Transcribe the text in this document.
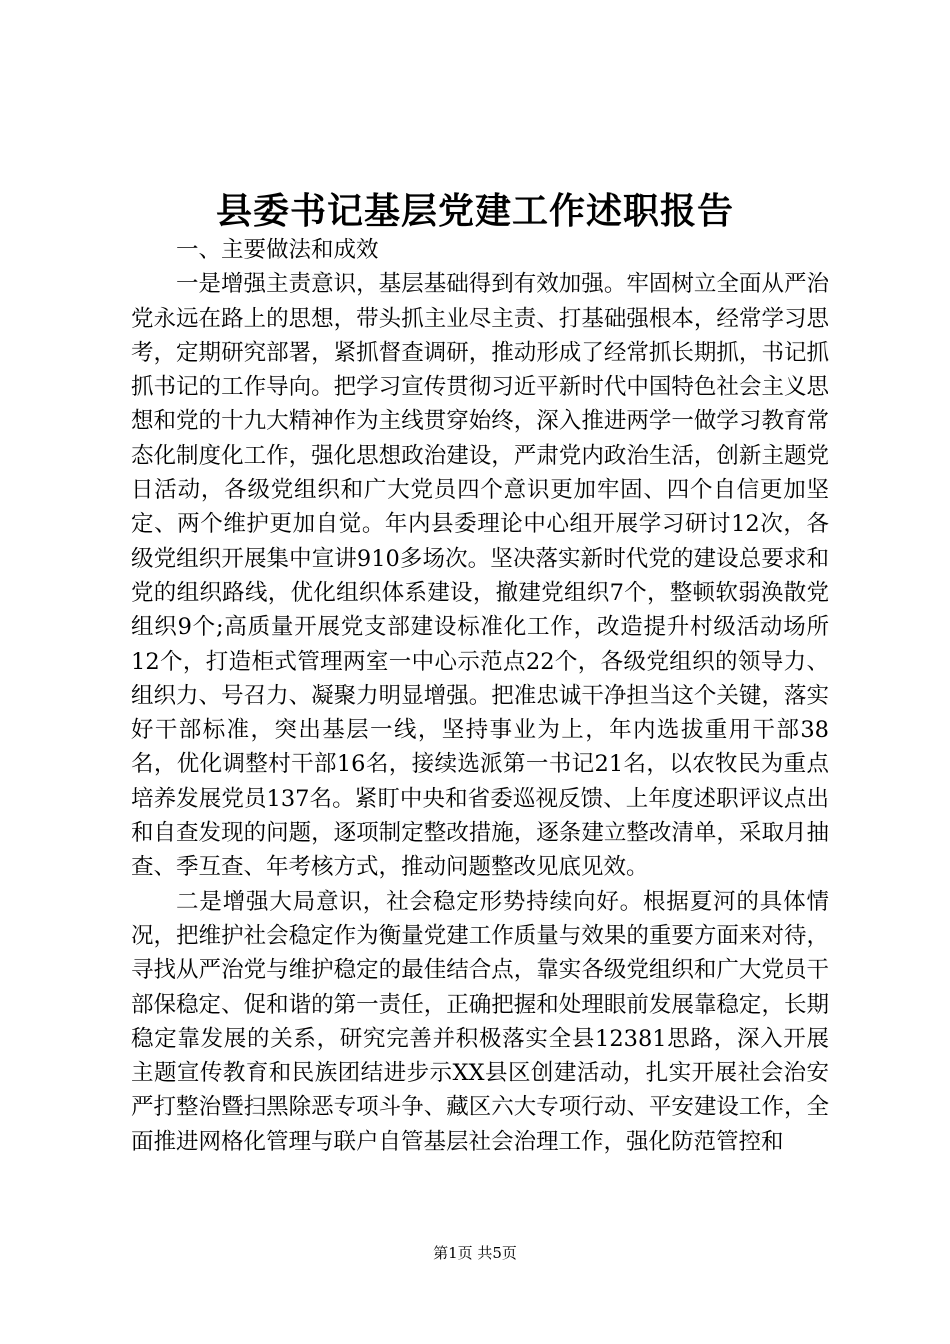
县委书记基层党建工作述职报告

一、主要做法和成效

一是增强主责意识，基层基础得到有效加强。牢固树立全面从严治党永远在路上的思想，带头抓主业尽主责、打基础强根本，经常学习思考，定期研究部署，紧抓督查调研，推动形成了经常抓长期抓，书记抓抓书记的工作导向。把学习宣传贯彻习近平新时代中国特色社会主义思想和党的十九大精神作为主线贯穿始终，深入推进两学一做学习教育常态化制度化工作，强化思想政治建设，严肃党内政治生活，创新主题党日活动，各级党组织和广大党员四个意识更加牢固、四个自信更加坚定、两个维护更加自觉。年内县委理论中心组开展学习研讨12次，各级党组织开展集中宣讲910多场次。坚决落实新时代党的建设总要求和党的组织路线，优化组织体系建设，撤建党组织7个，整顿软弱涣散党组织9个;高质量开展党支部建设标准化工作，改造提升村级活动场所12个，打造柜式管理两室一中心示范点22个，各级党组织的领导力、组织力、号召力、凝聚力明显增强。把准忠诚干净担当这个关键，落实好干部标准，突出基层一线，坚持事业为上，年内选拔重用干部38名，优化调整村干部16名，接续选派第一书记21名，以农牧民为重点培养发展党员137名。紧盯中央和省委巡视反馈、上年度述职评议点出和自查发现的问题，逐项制定整改措施，逐条建立整改清单，采取月抽查、季互查、年考核方式，推动问题整改见底见效。

二是增强大局意识，社会稳定形势持续向好。根据夏河的具体情况，把维护社会稳定作为衡量党建工作质量与效果的重要方面来对待，寻找从严治党与维护稳定的最佳结合点，靠实各级党组织和广大党员干部保稳定、促和谐的第一责任，正确把握和处理眼前发展靠稳定，长期稳定靠发展的关系，研究完善并积极落实全县12381思路，深入开展主题宣传教育和民族团结进步示XX县区创建活动，扎实开展社会治安严打整治暨扫黑除恶专项斗争、藏区六大专项行动、平安建设工作，全面推进网格化管理与联户自管基层社会治理工作，强化防范管控和

第1页 共5页
